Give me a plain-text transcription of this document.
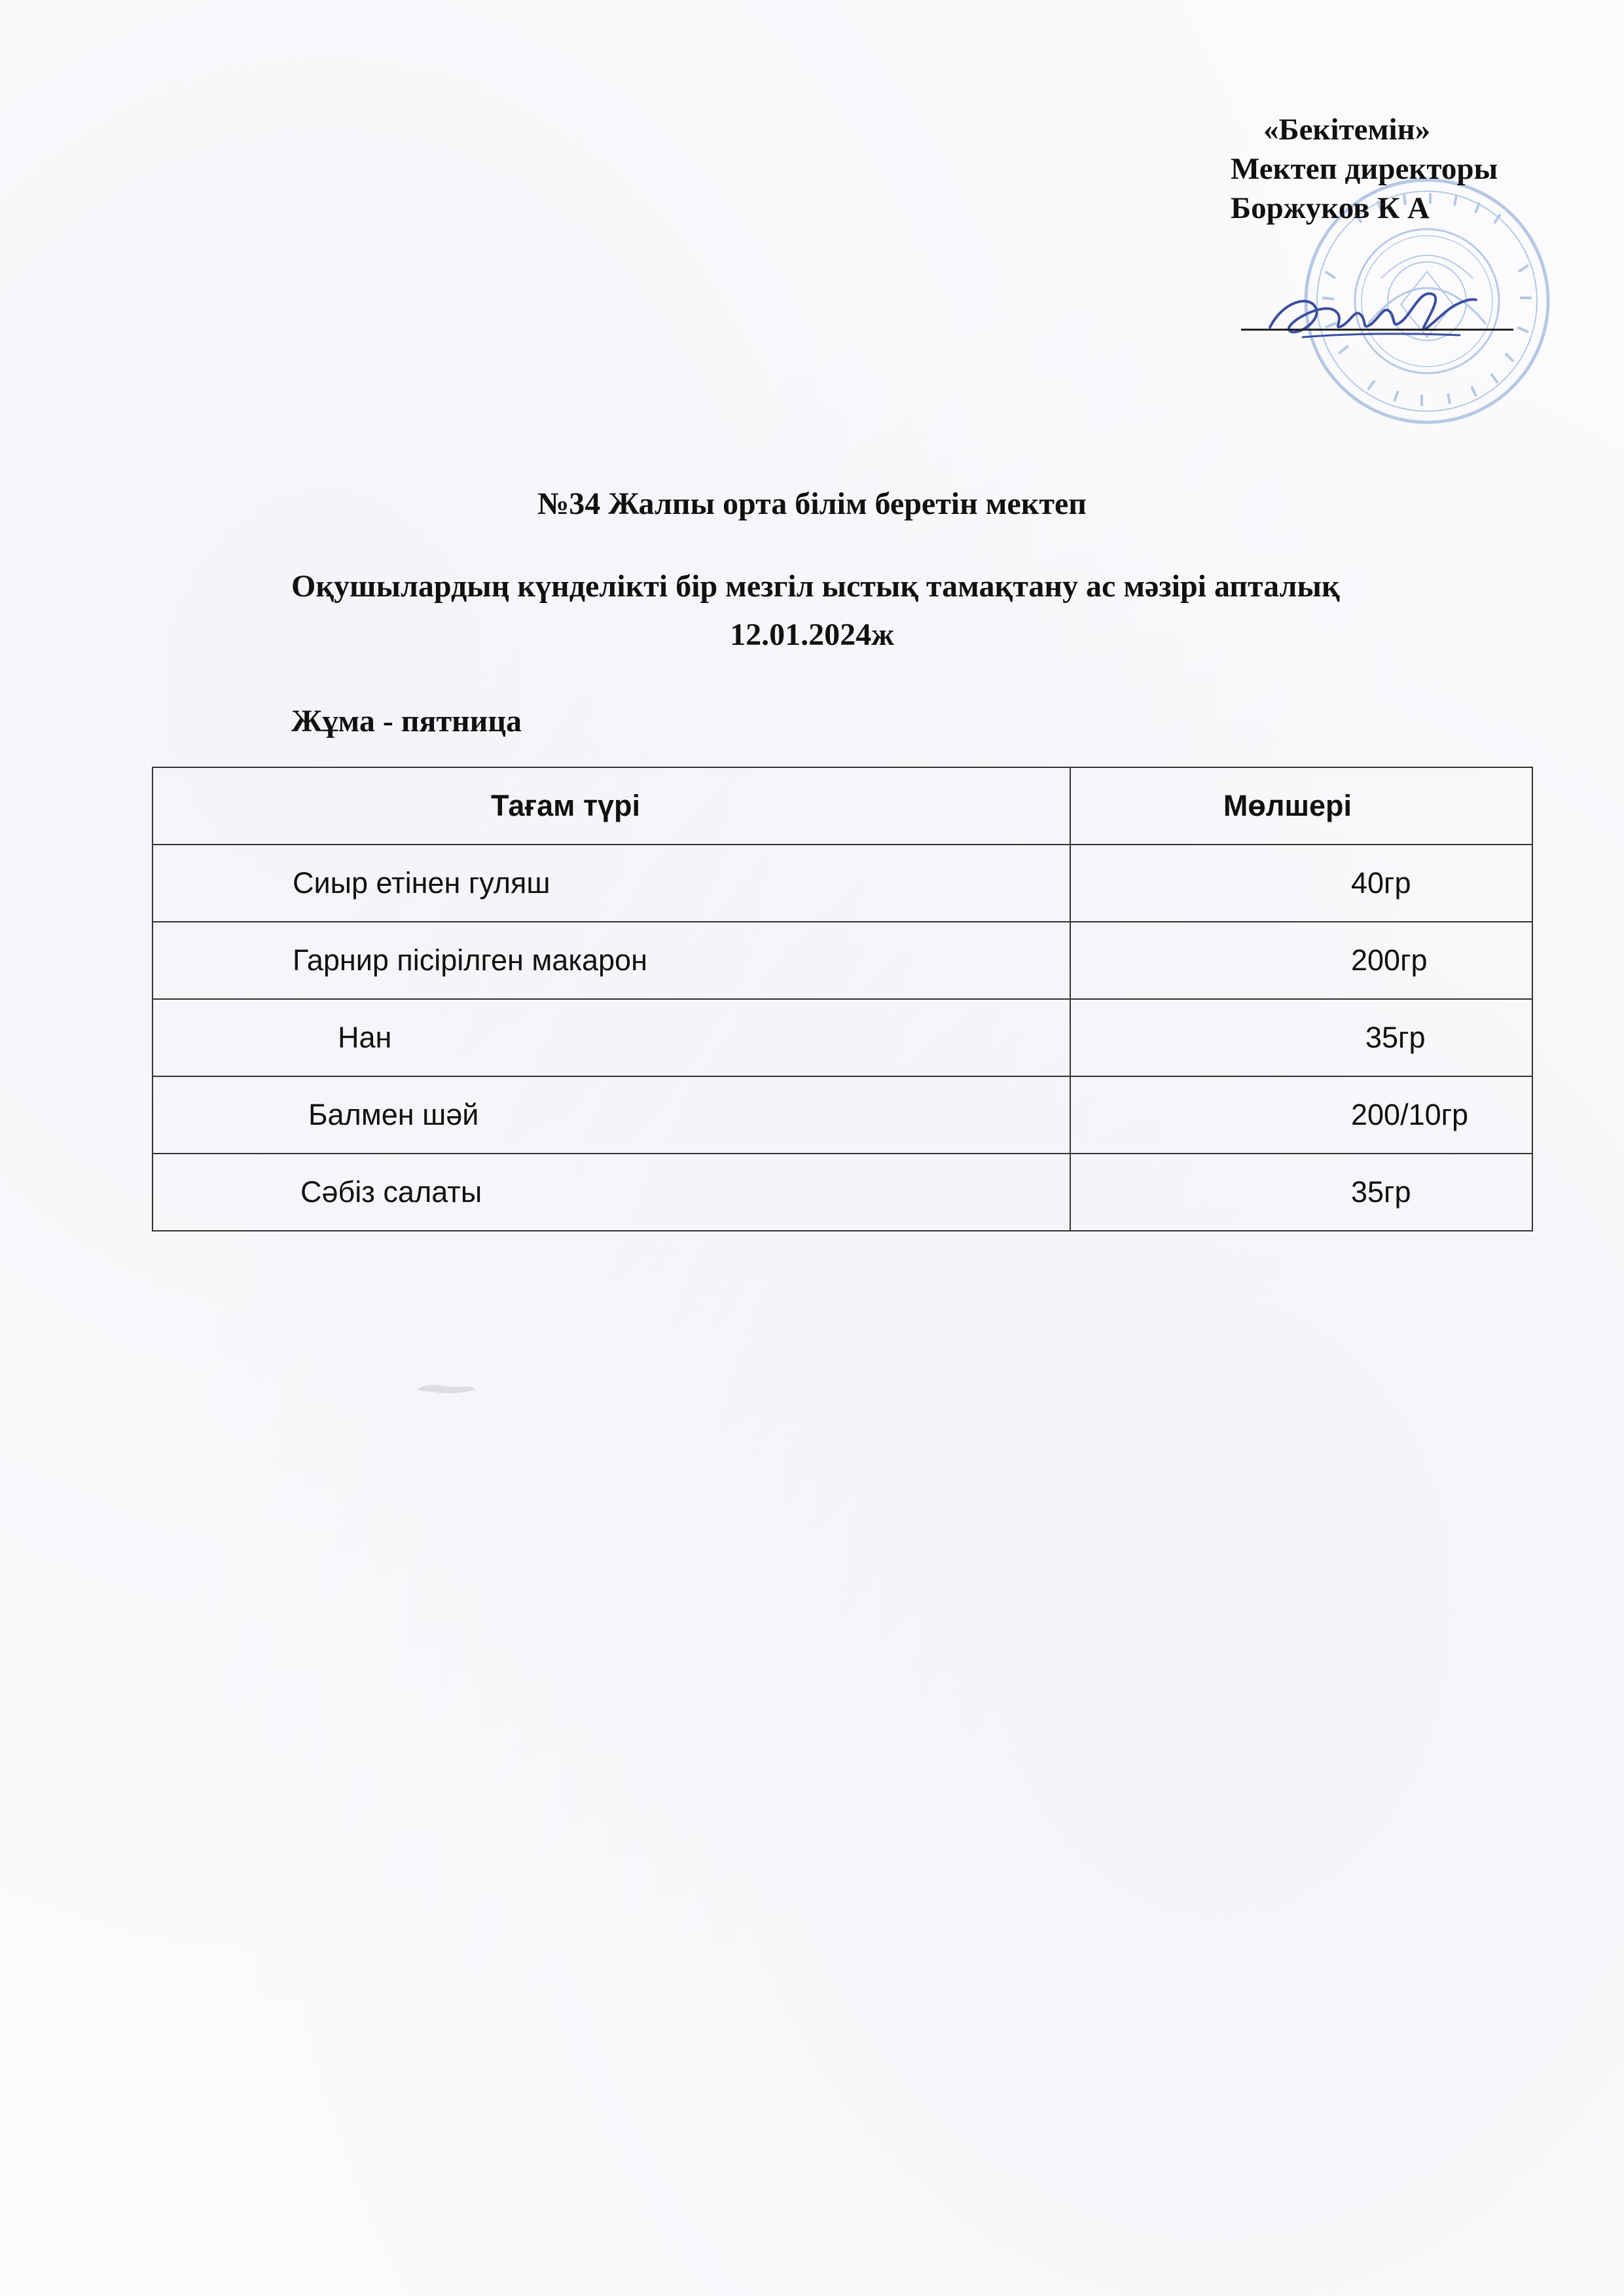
«Бекітемін»
Мектеп директоры
Боржуков К А
№34 Жалпы орта білім беретін мектеп
Оқушылардың күнделікті бір мезгіл ыстық тамақтану ас мәзірі апталық
12.01.2024ж
Жұма - пятница
Тағам түрі	Мөлшері
Сиыр етінен гуляш	40гр
Гарнир пісірілген макарон	200гр
Нан	35гр
Балмен шәй	200/10гр
Сәбіз салаты	35гр
